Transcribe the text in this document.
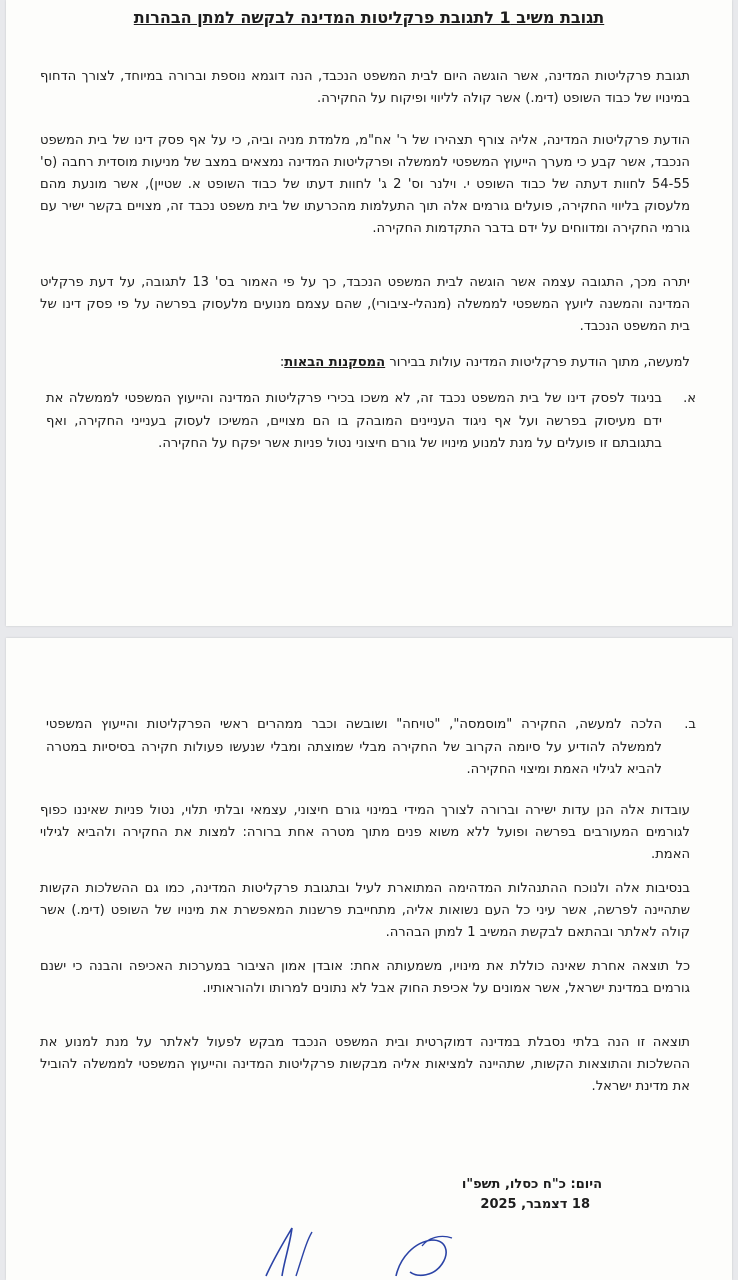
תגובת משיב 1 לתגובת פרקליטות המדינה לבקשה למתן הבהרות
תגובת פרקליטות המדינה, אשר הוגשה היום לבית המשפט הנכבד, הנה דוגמא נוספת וברורה במיוחד, לצורך הדחוף במינויו של כבוד השופט (דימ.) אשר קולה לליווי ופיקוח על החקירה.
הודעת פרקליטות המדינה, אליה צורף תצהירו של ר' אח"מ, מלמדת מניה וביה, כי על אף פסק דינו של בית המשפט הנכבד, אשר קבע כי מערך הייעוץ המשפטי לממשלה ופרקליטות המדינה נמצאים במצב של מניעות מוסדית רחבה (ס' 54-55 לחוות דעתה של כבוד השופט י. וילנר וס' 2 ג' לחוות דעתו של כבוד השופט א. שטיין), אשר מונעת מהם מלעסוק בליווי החקירה, פועלים גורמים אלה תוך התעלמות מהכרעתו של בית משפט נכבד זה, מצויים בקשר ישיר עם גורמי החקירה ומדווחים על ידם בדבר התקדמות החקירה.
יתרה מכך, התגובה עצמה אשר הוגשה לבית המשפט הנכבד, כך על פי האמור בס' 13 לתגובה, על דעת פרקליט המדינה והמשנה ליועץ המשפטי לממשלה (מנהלי-ציבורי), שהם עצמם מנועים מלעסוק בפרשה על פי פסק דינו של בית המשפט הנכבד.
למעשה, מתוך הודעת פרקליטות המדינה עולות בבירור המסקנות הבאות:
א.
בניגוד לפסק דינו של בית המשפט נכבד זה, לא משכו בכירי פרקליטות המדינה והייעוץ המשפטי לממשלה את ידם מעיסוק בפרשה ועל אף ניגוד העניינים המובהק בו הם מצויים, המשיכו לעסוק בענייני החקירה, ואף בתגובתם זו פועלים על מנת למנוע מינויו של גורם חיצוני נטול פניות אשר יפקח על החקירה.
ב.
הלכה למעשה, החקירה "מוסמסה", "טויחה" ושובשה וכבר ממהרים ראשי הפרקליטות והייעוץ המשפטי לממשלה להודיע על סיומה הקרוב של החקירה מבלי שמוצתה ומבלי שנעשו פעולות חקירה בסיסיות במטרה להביא לגילוי האמת ומיצוי החקירה.
עובדות אלה הנן עדות ישירה וברורה לצורך המידי במינוי גורם חיצוני, עצמאי ובלתי תלוי, נטול פניות שאיננו כפוף לגורמים המעורבים בפרשה ופועל ללא משוא פנים מתוך מטרה אחת ברורה: למצות את החקירה ולהביא לגילוי האמת.
בנסיבות אלה ולנוכח ההתנהלות המדהימה המתוארת לעיל ובתגובת פרקליטות המדינה, כמו גם ההשלכות הקשות שתהיינה לפרשה, אשר עיני כל העם נשואות אליה, מתחייבת פרשנות המאפשרת את מינויו של השופט (דימ.) אשר קולה לאלתר ובהתאם לבקשת המשיב 1 למתן הבהרה.
כל תוצאה אחרת שאינה כוללת את מינויו, משמעותה אחת: אובדן אמון הציבור במערכות האכיפה והבנה כי ישנם גורמים במדינת ישראל, אשר אמונים על אכיפת החוק אבל לא נתונים למרותו ולהוראותיו.
תוצאה זו הנה בלתי נסבלת במדינה דמוקרטית ובית המשפט הנכבד מבקש לפעול לאלתר על מנת למנוע את ההשלכות והתוצאות הקשות, שתהיינה למציאות אליה מבקשות פרקליטות המדינה והייעוץ המשפטי לממשלה להוביל את מדינת ישראל.
היום: כ"ח כסלו, תשפ"ו
18 דצמבר, 2025
